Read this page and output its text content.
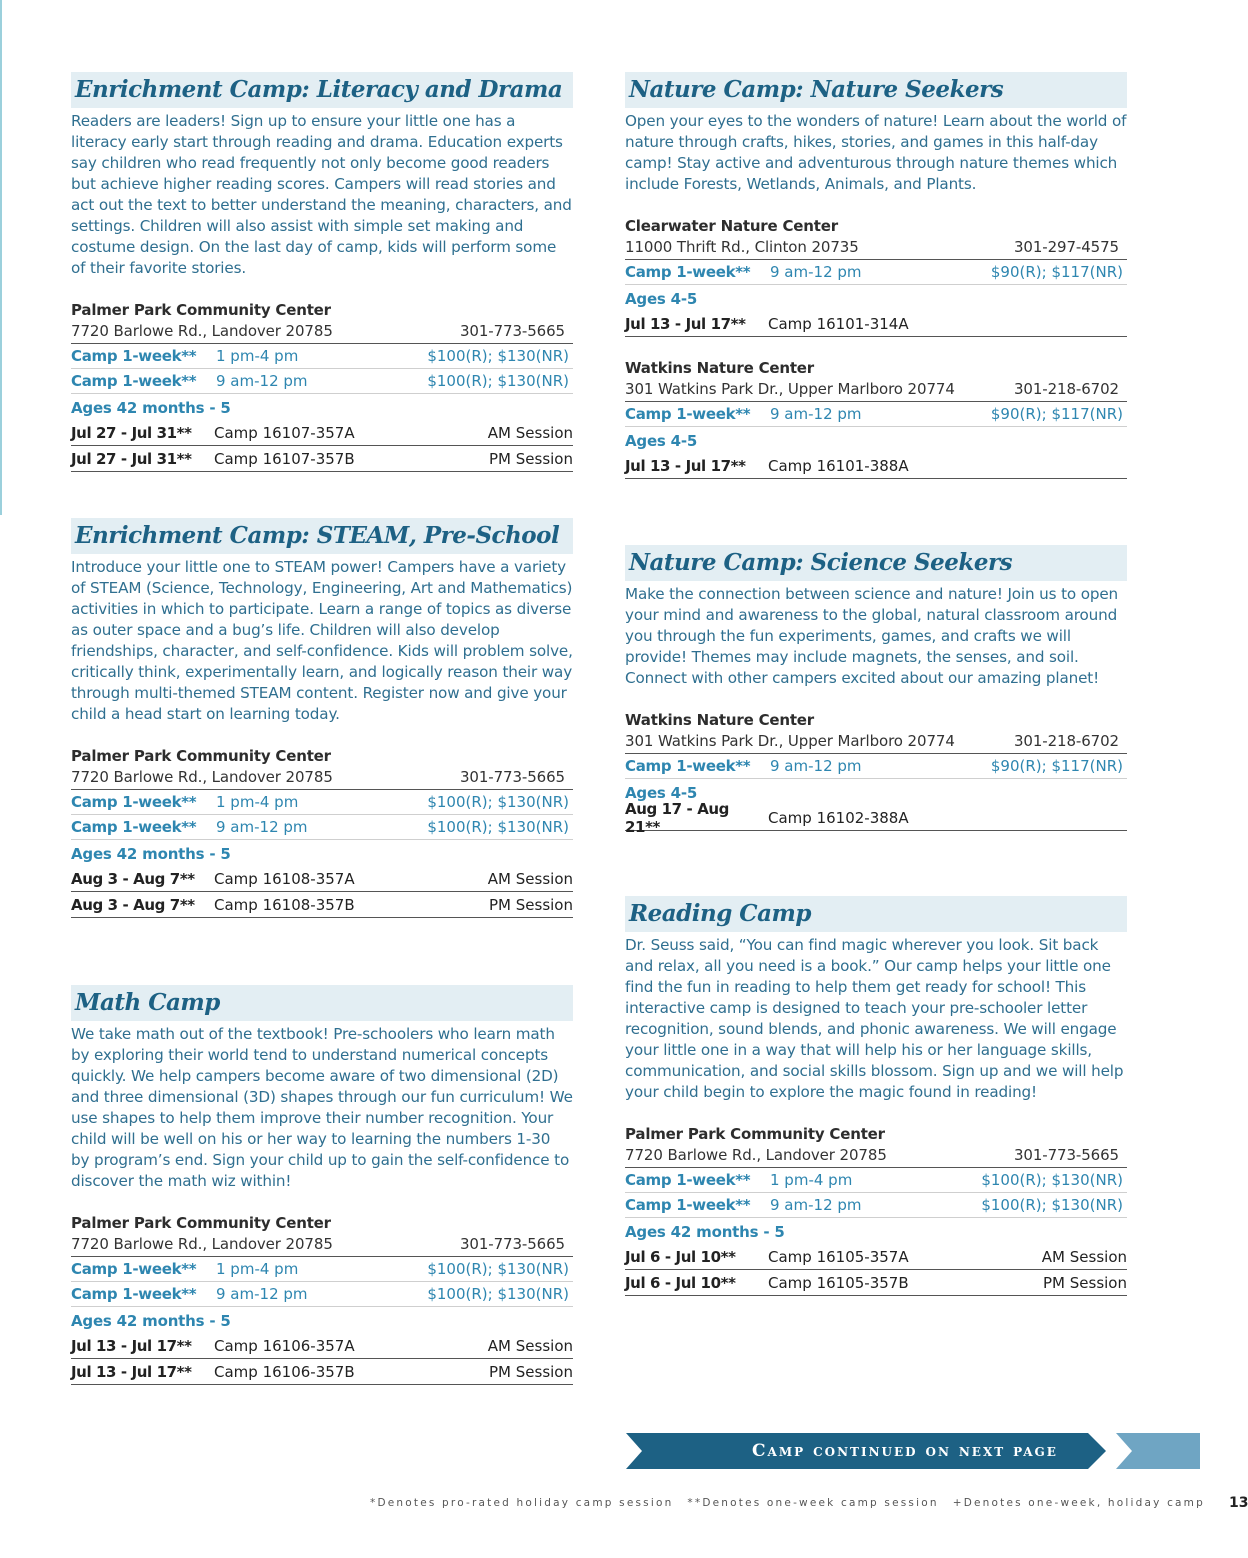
Enrichment Camp: Literacy and Drama
Readers are leaders! Sign up to ensure your little one has a literacy early start through reading and drama. Education experts say children who read frequently not only become good readers but achieve higher reading scores. Campers will read stories and act out the text to better understand the meaning, characters, and settings. Children will also assist with simple set making and costume design. On the last day of camp, kids will perform some of their favorite stories.
Palmer Park Community Center
7720 Barlowe Rd., Landover 20785	301-773-5665
Camp 1-week**	1 pm-4 pm	$100(R); $130(NR)
Camp 1-week**	9 am-12 pm	$100(R); $130(NR)
Ages 42 months - 5
Jul 27 - Jul 31**	Camp 16107-357A	AM Session
Jul 27 - Jul 31**	Camp 16107-357B	PM Session
Enrichment Camp: STEAM, Pre-School
Introduce your little one to STEAM power! Campers have a variety of STEAM (Science, Technology, Engineering, Art and Mathematics) activities in which to participate. Learn a range of topics as diverse as outer space and a bug’s life. Children will also develop friendships, character, and self-confidence. Kids will problem solve, critically think, experimentally learn, and logically reason their way through multi-themed STEAM content. Register now and give your child a head start on learning today.
Palmer Park Community Center
7720 Barlowe Rd., Landover 20785	301-773-5665
Camp 1-week**	1 pm-4 pm	$100(R); $130(NR)
Camp 1-week**	9 am-12 pm	$100(R); $130(NR)
Ages 42 months - 5
Aug 3 - Aug 7**	Camp 16108-357A	AM Session
Aug 3 - Aug 7**	Camp 16108-357B	PM Session
Math Camp
We take math out of the textbook! Pre-schoolers who learn math by exploring their world tend to understand numerical concepts quickly. We help campers become aware of two dimensional (2D) and three dimensional (3D) shapes through our fun curriculum! We use shapes to help them improve their number recognition. Your child will be well on his or her way to learning the numbers 1-30 by program’s end. Sign your child up to gain the self-confidence to discover the math wiz within!
Palmer Park Community Center
7720 Barlowe Rd., Landover 20785	301-773-5665
Camp 1-week**	1 pm-4 pm	$100(R); $130(NR)
Camp 1-week**	9 am-12 pm	$100(R); $130(NR)
Ages 42 months - 5
Jul 13 - Jul 17**	Camp 16106-357A	AM Session
Jul 13 - Jul 17**	Camp 16106-357B	PM Session
Nature Camp: Nature Seekers
Open your eyes to the wonders of nature! Learn about the world of nature through crafts, hikes, stories, and games in this half-day camp! Stay active and adventurous through nature themes which include Forests, Wetlands, Animals, and Plants.
Clearwater Nature Center
11000 Thrift Rd., Clinton 20735	301-297-4575
Camp 1-week**	9 am-12 pm	$90(R); $117(NR)
Ages 4-5
Jul 13 - Jul 17**	Camp 16101-314A
Watkins Nature Center
301 Watkins Park Dr., Upper Marlboro 20774	301-218-6702
Camp 1-week**	9 am-12 pm	$90(R); $117(NR)
Ages 4-5
Jul 13 - Jul 17**	Camp 16101-388A
Nature Camp: Science Seekers
Make the connection between science and nature! Join us to open your mind and awareness to the global, natural classroom around you through the fun experiments, games, and crafts we will provide! Themes may include magnets, the senses, and soil. Connect with other campers excited about our amazing planet!
Watkins Nature Center
301 Watkins Park Dr., Upper Marlboro 20774	301-218-6702
Camp 1-week**	9 am-12 pm	$90(R); $117(NR)
Ages 4-5
Aug 17 - Aug 21**	Camp 16102-388A
Reading Camp
Dr. Seuss said, “You can find magic wherever you look. Sit back and relax, all you need is a book.” Our camp helps your little one find the fun in reading to help them get ready for school! This interactive camp is designed to teach your pre-schooler letter recognition, sound blends, and phonic awareness. We will engage your little one in a way that will help his or her language skills, communication, and social skills blossom. Sign up and we will help your child begin to explore the magic found in reading!
Palmer Park Community Center
7720 Barlowe Rd., Landover 20785	301-773-5665
Camp 1-week**	1 pm-4 pm	$100(R); $130(NR)
Camp 1-week**	9 am-12 pm	$100(R); $130(NR)
Ages 42 months - 5
Jul 6 - Jul 10**	Camp 16105-357A	AM Session
Jul 6 - Jul 10**	Camp 16105-357B	PM Session
Camp continued on next page
*Denotes pro-rated holiday camp session **Denotes one-week camp session +Denotes one-week, holiday camp 13
